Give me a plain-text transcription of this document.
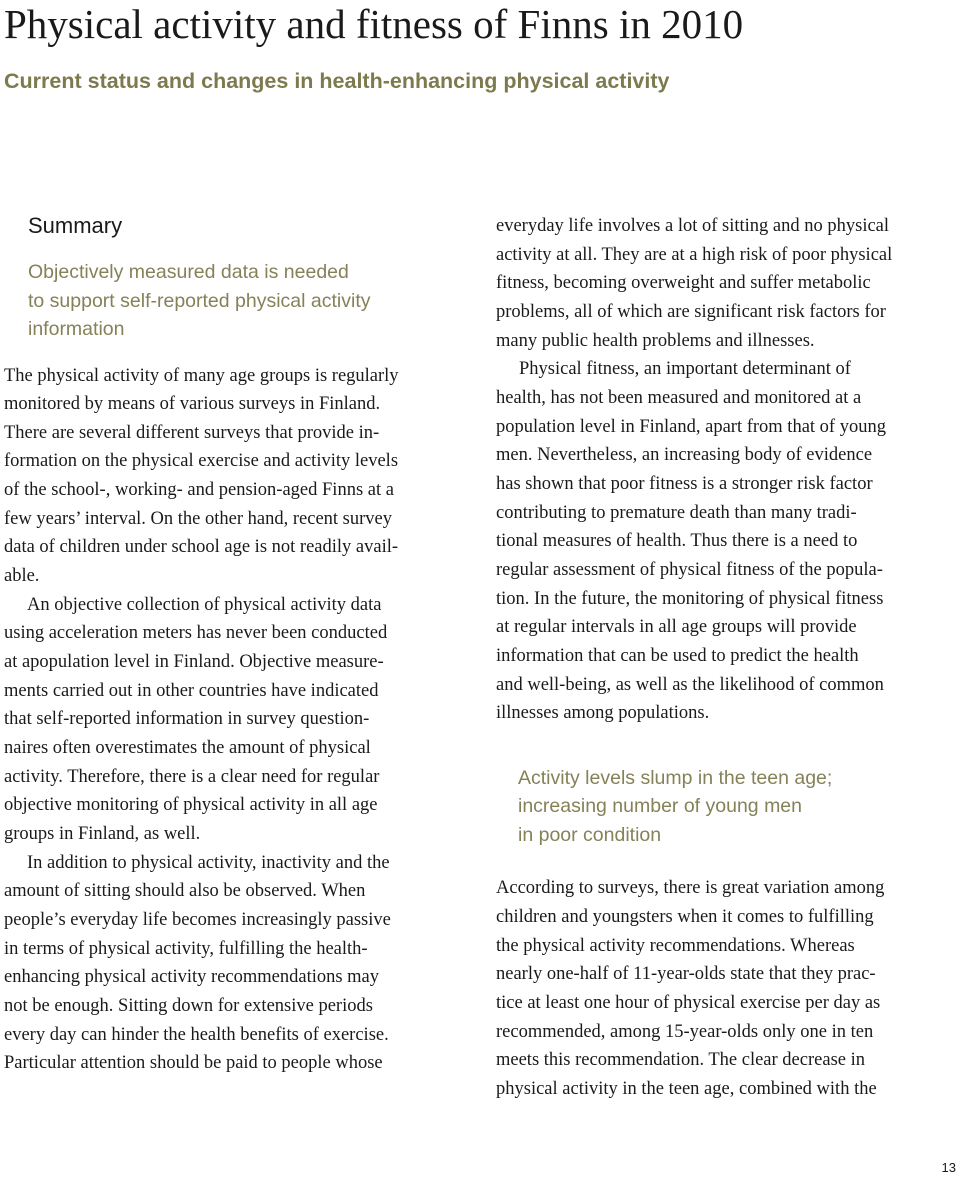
Physical activity and fitness of Finns in 2010
Current status and changes in health-enhancing physical activity
Summary
Objectively measured data is needed
to support self-reported physical activity
information

The physical activity of many age groups is regularly
monitored by means of various surveys in Finland.
There are several different surveys that provide in-
formation on the physical exercise and activity levels
of the school-, working- and pension-aged Finns at a
few years’ interval. On the other hand, recent survey
data of children under school age is not readily avail-
able.

An objective collection of physical activity data
using acceleration meters has never been conducted
at apopulation level in Finland. Objective measure-
ments carried out in other countries have indicated
that self-reported information in survey question-
naires often overestimates the amount of physical
activity. Therefore, there is a clear need for regular
objective monitoring of physical activity in all age
groups in Finland, as well.

In addition to physical activity, inactivity and the
amount of sitting should also be observed. When
people’s everyday life becomes increasingly passive
in terms of physical activity, fulfilling the health-
enhancing physical activity recommendations may
not be enough. Sitting down for extensive periods
every day can hinder the health benefits of exercise.
Particular attention should be paid to people whose

everyday life involves a lot of sitting and no physical
activity at all. They are at a high risk of poor physical
fitness, becoming overweight and suffer metabolic
problems, all of which are significant risk factors for
many public health problems and illnesses.

Physical fitness, an important determinant of
health, has not been measured and monitored at a
population level in Finland, apart from that of young
men. Nevertheless, an increasing body of evidence
has shown that poor fitness is a stronger risk factor
contributing to premature death than many tradi-
tional measures of health. Thus there is a need to
regular assessment of physical fitness of the popula-
tion. In the future, the monitoring of physical fitness
at regular intervals in all age groups will provide
information that can be used to predict the health
and well-being, as well as the likelihood of common
illnesses among populations.

Activity levels slump in the teen age;
increasing number of young men
in poor condition

According to surveys, there is great variation among
children and youngsters when it comes to fulfilling
the physical activity recommendations. Whereas
nearly one-half of 11-year-olds state that they prac-
tice at least one hour of physical exercise per day as
recommended, among 15-year-olds only one in ten
meets this recommendation. The clear decrease in
physical activity in the teen age, combined with the

13
